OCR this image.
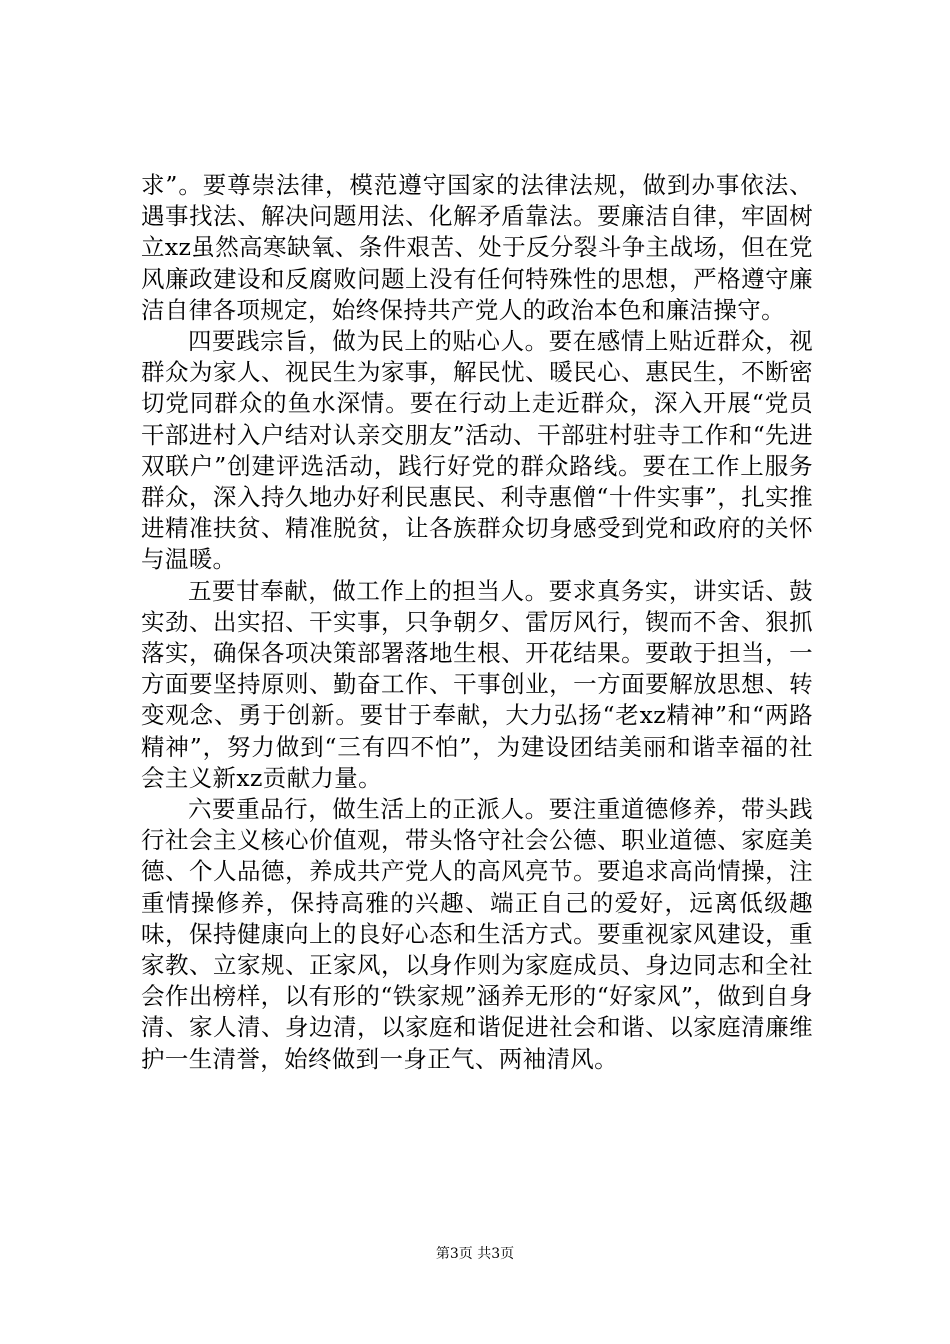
求”。要尊崇法律，模范遵守国家的法律法规，做到办事依法、遇事找法、解决问题用法、化解矛盾靠法。要廉洁自律，牢固树立xz虽然高寒缺氧、条件艰苦、处于反分裂斗争主战场，但在党风廉政建设和反腐败问题上没有任何特殊性的思想，严格遵守廉洁自律各项规定，始终保持共产党人的政治本色和廉洁操守。

四要践宗旨，做为民上的贴心人。要在感情上贴近群众，视群众为家人、视民生为家事，解民忧、暖民心、惠民生，不断密切党同群众的鱼水深情。要在行动上走近群众，深入开展“党员干部进村入户结对认亲交朋友”活动、干部驻村驻寺工作和“先进双联户”创建评选活动，践行好党的群众路线。要在工作上服务群众，深入持久地办好利民惠民、利寺惠僧“十件实事”，扎实推进精准扶贫、精准脱贫，让各族群众切身感受到党和政府的关怀与温暖。

五要甘奉献，做工作上的担当人。要求真务实，讲实话、鼓实劲、出实招、干实事，只争朝夕、雷厉风行，锲而不舍、狠抓落实，确保各项决策部署落地生根、开花结果。要敢于担当，一方面要坚持原则、勤奋工作、干事创业，一方面要解放思想、转变观念、勇于创新。要甘于奉献，大力弘扬“老xz精神”和“两路精神”，努力做到“三有四不怕”，为建设团结美丽和谐幸福的社会主义新xz贡献力量。

六要重品行，做生活上的正派人。要注重道德修养，带头践行社会主义核心价值观，带头恪守社会公德、职业道德、家庭美德、个人品德，养成共产党人的高风亮节。要追求高尚情操，注重情操修养，保持高雅的兴趣、端正自己的爱好，远离低级趣味，保持健康向上的良好心态和生活方式。要重视家风建设，重家教、立家规、正家风，以身作则为家庭成员、身边同志和全社会作出榜样，以有形的“铁家规”涵养无形的“好家风”，做到自身清、家人清、身边清，以家庭和谐促进社会和谐、以家庭清廉维护一生清誉，始终做到一身正气、两袖清风。

第3页 共3页
